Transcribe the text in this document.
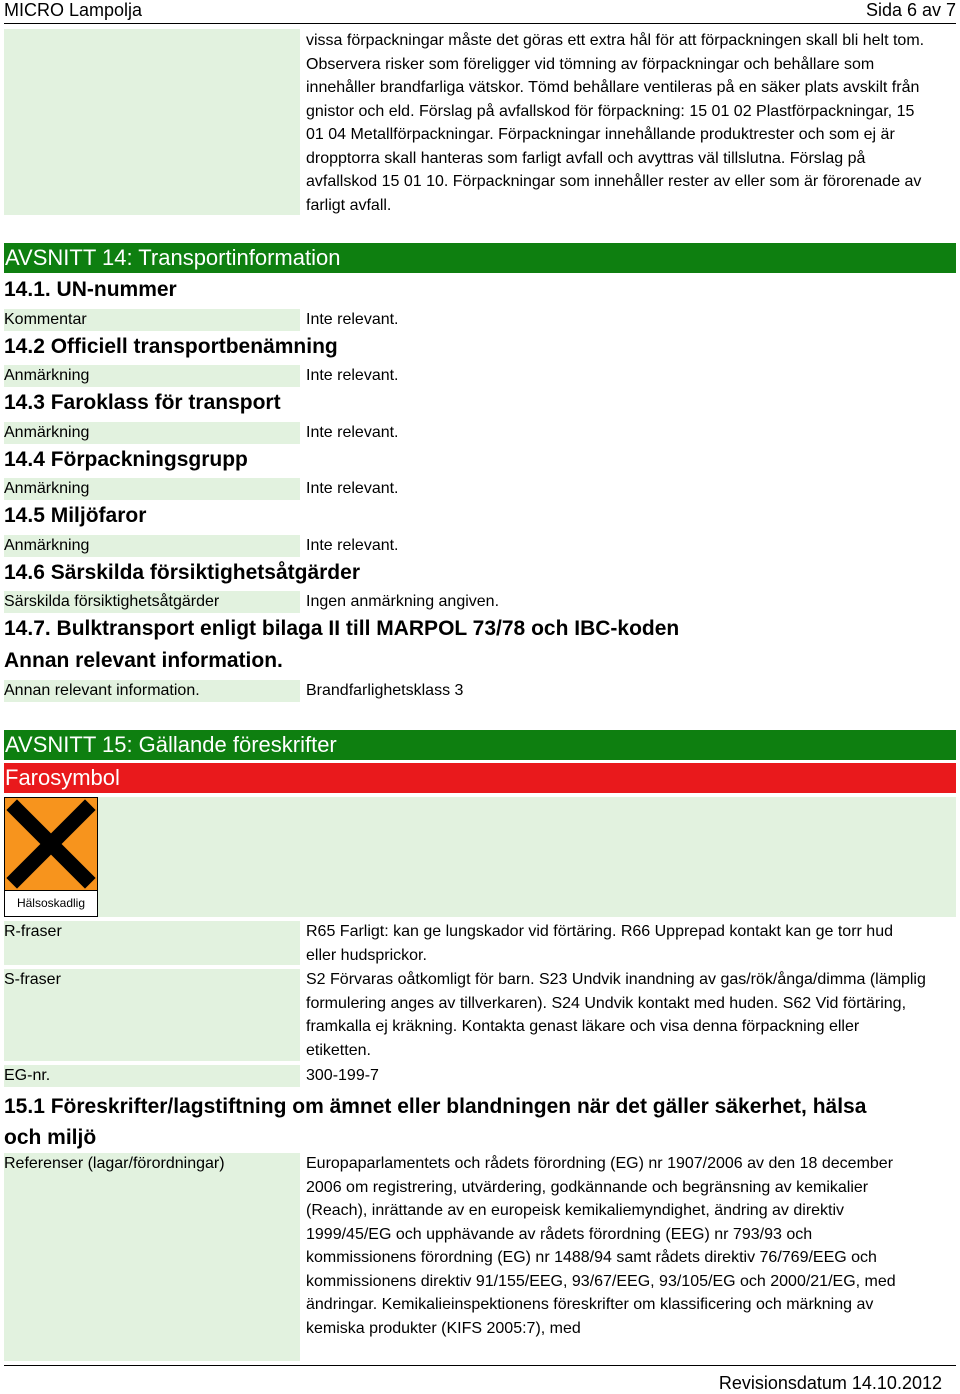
MICRO Lampolja	Sida 6 av 7
vissa förpackningar måste det göras ett extra hål för att förpackningen skall bli helt tom. Observera risker som föreligger vid tömning av förpackningar och behållare som innehåller brandfarliga vätskor. Tömd behållare ventileras på en säker plats avskilt från gnistor och eld. Förslag på avfallskod för förpackning: 15 01 02 Plastförpackningar, 15 01 04 Metallförpackningar. Förpackningar innehållande produktrester och som ej är dropptorra skall hanteras som farligt avfall och avyttras väl tillslutna. Förslag på avfallskod 15 01 10. Förpackningar som innehåller rester av eller som är förorenade av farligt avfall.
AVSNITT 14: Transportinformation
14.1. UN-nummer
Kommentar	Inte relevant.
14.2 Officiell transportbenämning
Anmärkning	Inte relevant.
14.3 Faroklass för transport
Anmärkning	Inte relevant.
14.4 Förpackningsgrupp
Anmärkning	Inte relevant.
14.5 Miljöfaror
Anmärkning	Inte relevant.
14.6 Särskilda försiktighetsåtgärder
Särskilda försiktighetsåtgärder	Ingen anmärkning angiven.
14.7. Bulktransport enligt bilaga II till MARPOL 73/78 och IBC-koden
Annan relevant information.
Annan relevant information.	Brandfarlighetsklass 3
AVSNITT 15: Gällande föreskrifter
Farosymbol
Hälsoskadlig
R-fraser	R65 Farligt: kan ge lungskador vid förtäring. R66 Upprepad kontakt kan ge torr hud eller hudsprickor.
S-fraser	S2 Förvaras oåtkomligt för barn. S23 Undvik inandning av gas/rök/ånga/dimma (lämplig formulering anges av tillverkaren). S24 Undvik kontakt med huden. S62 Vid förtäring, framkalla ej kräkning. Kontakta genast läkare och visa denna förpackning eller etiketten.
EG-nr.	300-199-7
15.1 Föreskrifter/lagstiftning om ämnet eller blandningen när det gäller säkerhet, hälsa och miljö
Referenser (lagar/förordningar)	Europaparlamentets och rådets förordning (EG) nr 1907/2006 av den 18 december 2006 om registrering, utvärdering, godkännande och begränsning av kemikalier (Reach), inrättande av en europeisk kemikaliemyndighet, ändring av direktiv 1999/45/EG och upphävande av rådets förordning (EEG) nr 793/93 och kommissionens förordning (EG) nr 1488/94 samt rådets direktiv 76/769/EEG och kommissionens direktiv 91/155/EEG, 93/67/EEG, 93/105/EG och 2000/21/EG, med ändringar. Kemikalieinspektionens föreskrifter om klassificering och märkning av kemiska produkter (KIFS 2005:7), med
Revisionsdatum 14.10.2012
